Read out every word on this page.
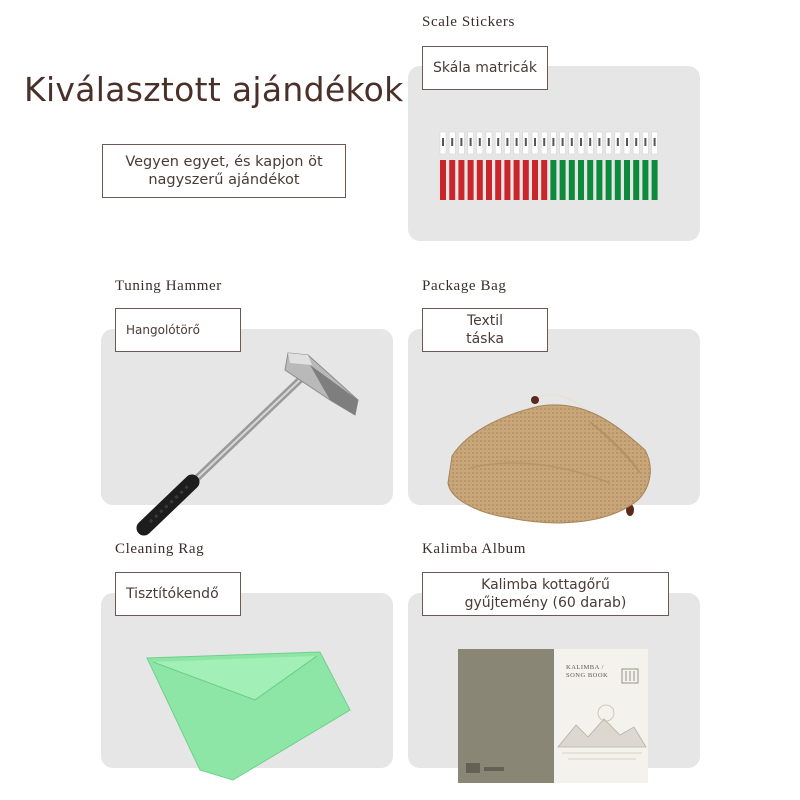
Kiválasztott ajándékok
Vegyen egyet, és kapjon öt nagyszerű ajándékot
Scale Stickers
Skála matricák
Tuning Hammer
Hangolótörő
Package Bag
Textil táska
Cleaning Rag
Tisztítókendő
Kalimba Album
Kalimba kottagőrű gyűjtemény (60 darab)
KALIMBA / SONG BOOK
